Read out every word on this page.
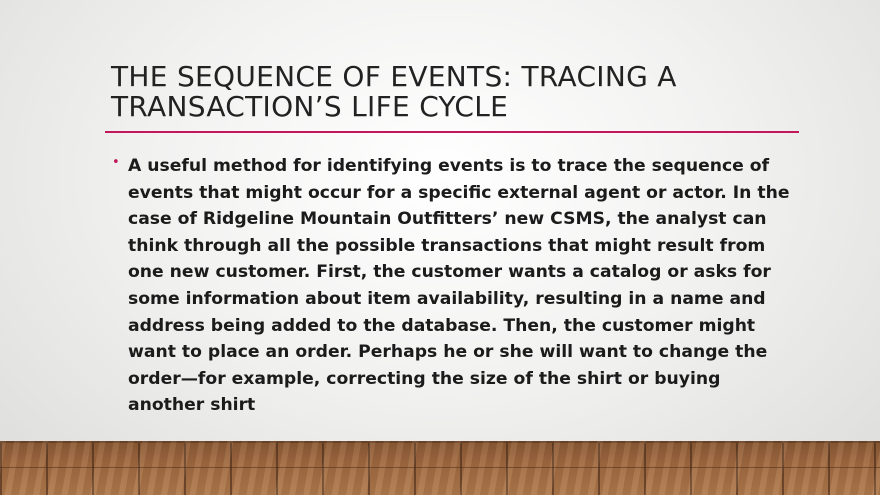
THE SEQUENCE OF EVENTS: TRACING A TRANSACTION’S LIFE CYCLE
• A useful method for identifying events is to trace the sequence of events that might occur for a specific external agent or actor. In the case of Ridgeline Mountain Outfitters’ new CSMS, the analyst can think through all the possible transactions that might result from one new customer. First, the customer wants a catalog or asks for some information about item availability, resulting in a name and address being added to the database. Then, the customer might want to place an order. Perhaps he or she will want to change the order—for example, correcting the size of the shirt or buying another shirt
